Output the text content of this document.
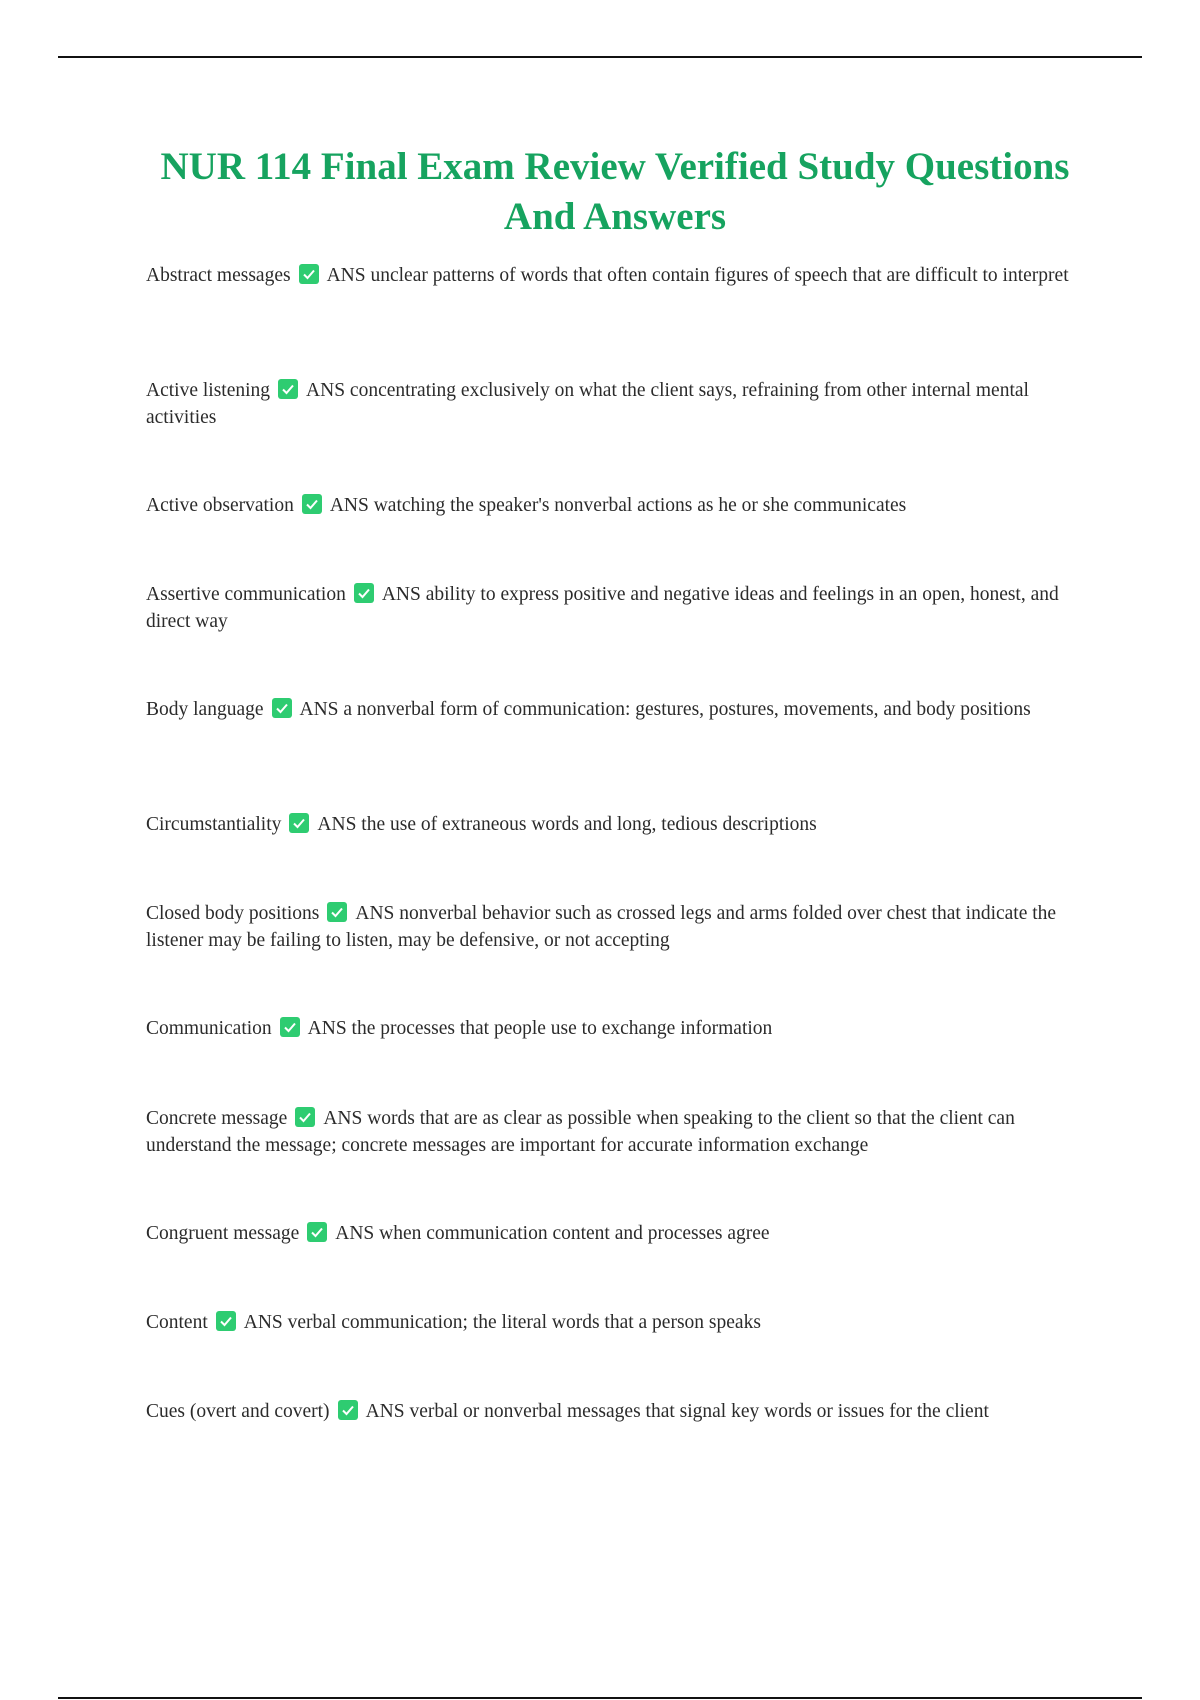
NUR 114 Final Exam Review Verified Study Questions And Answers

Abstract messages ANS unclear patterns of words that often contain figures of speech that are difficult to interpret

Active listening ANS concentrating exclusively on what the client says, refraining from other internal mental activities

Active observation ANS watching the speaker's nonverbal actions as he or she communicates

Assertive communication ANS ability to express positive and negative ideas and feelings in an open, honest, and direct way

Body language ANS a nonverbal form of communication: gestures, postures, movements, and body positions

Circumstantiality ANS the use of extraneous words and long, tedious descriptions

Closed body positions ANS nonverbal behavior such as crossed legs and arms folded over chest that indicate the listener may be failing to listen, may be defensive, or not accepting

Communication ANS the processes that people use to exchange information

Concrete message ANS words that are as clear as possible when speaking to the client so that the client can understand the message; concrete messages are important for accurate information exchange

Congruent message ANS when communication content and processes agree

Content ANS verbal communication; the literal words that a person speaks

Cues (overt and covert) ANS verbal or nonverbal messages that signal key words or issues for the client
